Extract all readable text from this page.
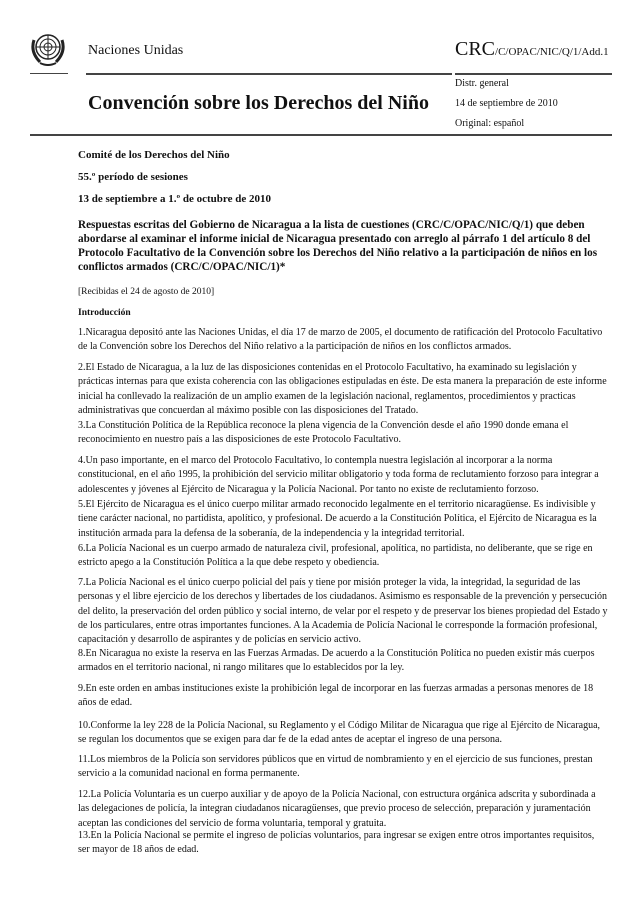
Naciones Unidas	CRC/C/OPAC/NIC/Q/1/Add.1
Convención sobre los Derechos del Niño
Distr. general
14 de septiembre de 2010
Original: español
Comité de los Derechos del Niño
55.º período de sesiones
13 de septiembre a 1.º de octubre de 2010
Respuestas escritas del Gobierno de Nicaragua a la lista de cuestiones (CRC/C/OPAC/NIC/Q/1) que deben abordarse al examinar el informe inicial de Nicaragua presentado con arreglo al párrafo 1 del artículo 8 del Protocolo Facultativo de la Convención sobre los Derechos del Niño relativo a la participación de niños en los conflictos armados (CRC/C/OPAC/NIC/1)*
[Recibidas el 24 de agosto de 2010]
Introducción
1.Nicaragua depositó ante las Naciones Unidas, el día 17 de marzo de 2005, el documento de ratificación del Protocolo Facultativo de la Convención sobre los Derechos del Niño relativo a la participación de niños en los conflictos armados.
2.El Estado de Nicaragua, a la luz de las disposiciones contenidas en el Protocolo Facultativo, ha examinado su legislación y prácticas internas para que exista coherencia con las obligaciones estipuladas en éste. De esta manera la preparación de este informe inicial ha conllevado la realización de un amplio examen de la legislación nacional, reglamentos, procedimientos y practicas administrativas que concuerdan al máximo posible con las disposiciones del Tratado.
3.La Constitución Política de la República reconoce la plena vigencia de la Convención desde el año 1990 donde emana el reconocimiento en nuestro país a las disposiciones de este Protocolo Facultativo.
4.Un paso importante, en el marco del Protocolo Facultativo, lo contempla nuestra legislación al incorporar a la norma constitucional, en el año 1995, la prohibición del servicio militar obligatorio y toda forma de reclutamiento forzoso para integrar a adolescentes y jóvenes al Ejército de Nicaragua y la Policía Nacional. Por tanto no existe de reclutamiento forzoso.
5.El Ejército de Nicaragua es el único cuerpo militar armado reconocido legalmente en el territorio nicaragüense. Es indivisible y tiene carácter nacional, no partidista, apolítico, y profesional. De acuerdo a la Constitución Política, el Ejército de Nicaragua es la institución armada para la defensa de la soberanía, de la independencia y la integridad territorial.
6.La Policía Nacional es un cuerpo armado de naturaleza civil, profesional, apolítica, no partidista, no deliberante, que se rige en estricto apego a la Constitución Política a la que debe respeto y obediencia.
7.La Policía Nacional es el único cuerpo policial del país y tiene por misión proteger la vida, la integridad, la seguridad de las personas y el libre ejercicio de los derechos y libertades de los ciudadanos. Asimismo es responsable de la prevención y persecución del delito, la preservación del orden público y social interno, de velar por el respeto y de preservar los bienes propiedad del Estado y de los particulares, entre otras importantes funciones. A la Academia de Policía Nacional le corresponde la formación profesional, capacitación y desarrollo de aspirantes y de policías en servicio activo.
8.En Nicaragua no existe la reserva en las Fuerzas Armadas. De acuerdo a la Constitución Política no pueden existir más cuerpos armados en el territorio nacional, ni rango militares que lo establecidos por la ley.
9.En este orden en ambas instituciones existe la prohibición legal de incorporar en las fuerzas armadas a personas menores de 18 años de edad.
10.Conforme la ley 228 de la Policía Nacional, su Reglamento y el Código Militar de Nicaragua que rige al Ejército de Nicaragua, se regulan los documentos que se exigen para dar fe de la edad antes de aceptar el ingreso de una persona.
11.Los miembros de la Policía son servidores públicos que en virtud de nombramiento y en el ejercicio de sus funciones, prestan servicio a la comunidad nacional en forma permanente.
12.La Policía Voluntaria es un cuerpo auxiliar y de apoyo de la Policía Nacional, con estructura orgánica adscrita y subordinada a las delegaciones de policía, la integran ciudadanos nicaragüenses, que previo proceso de selección, preparación y juramentación aceptan las condiciones del servicio de forma voluntaria, temporal y gratuita.
13.En la Policía Nacional se permite el ingreso de policías voluntarios, para ingresar se exigen entre otros importantes requisitos, ser mayor de 18 años de edad.
